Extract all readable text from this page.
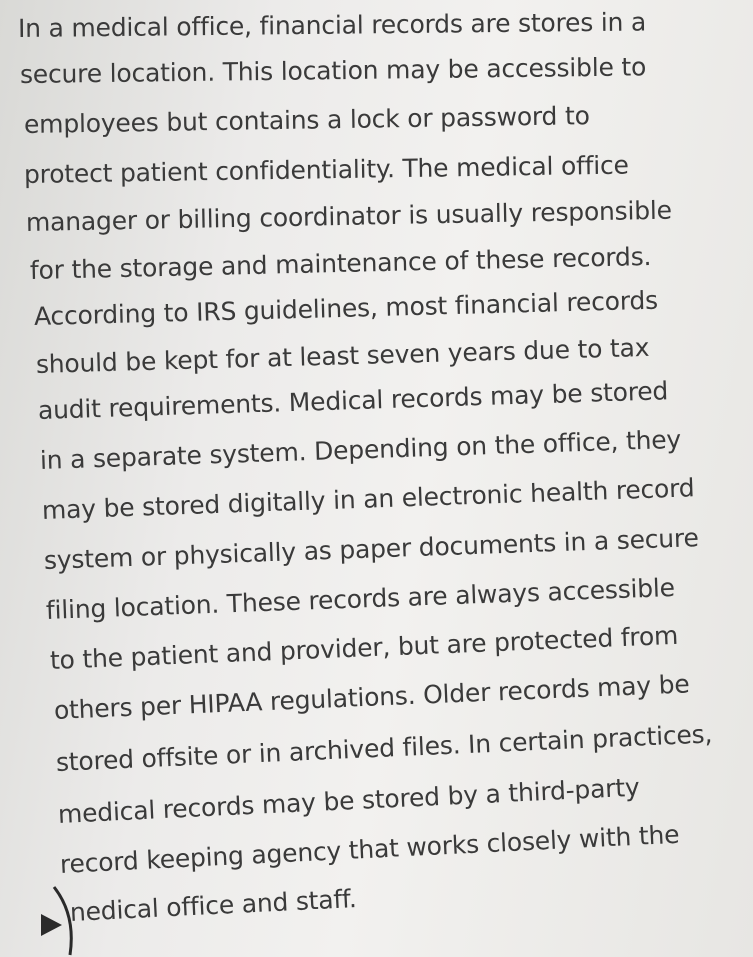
In a medical office, financial records are stores in a
secure location. This location may be accessible to
employees but contains a lock or password to
protect patient confidentiality. The medical office
manager or billing coordinator is usually responsible
for the storage and maintenance of these records.
According to IRS guidelines, most financial records
should be kept for at least seven years due to tax
audit requirements. Medical records may be stored
in a separate system. Depending on the office, they
may be stored digitally in an electronic health record
system or physically as paper documents in a secure
filing location. These records are always accessible
to the patient and provider, but are protected from
others per HIPAA regulations. Older records may be
stored offsite or in archived files. In certain practices,
medical records may be stored by a third-party
record keeping agency that works closely with the
nedical office and staff.
